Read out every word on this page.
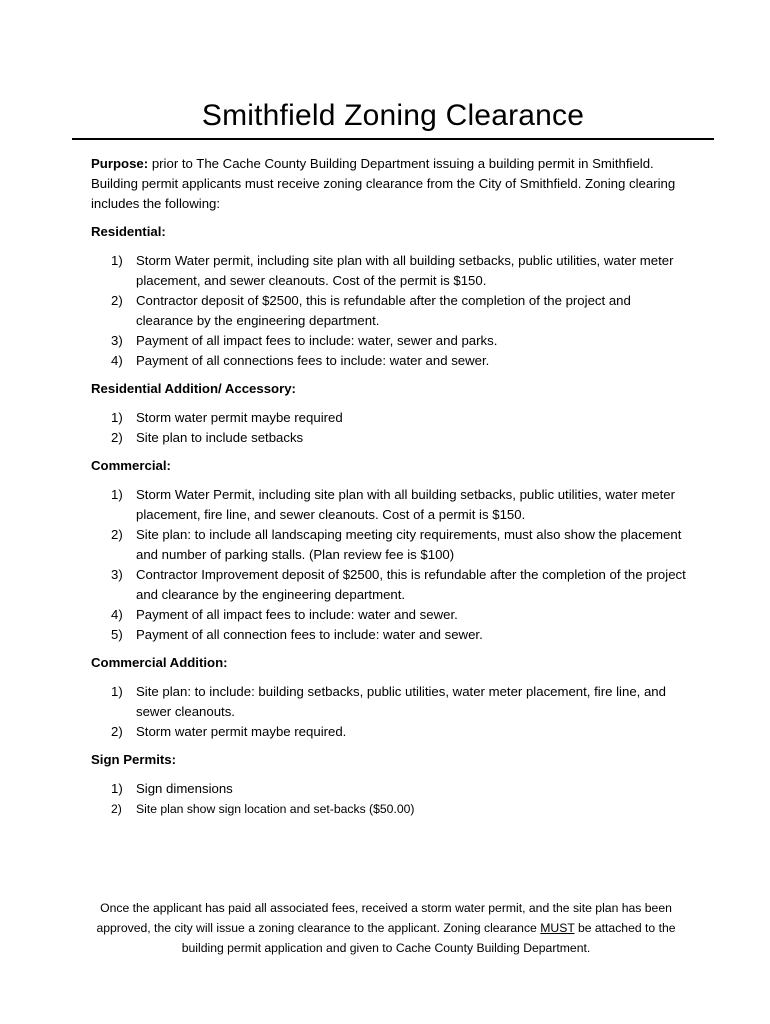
Smithfield Zoning Clearance

Purpose: prior to The Cache County Building Department issuing a building permit in Smithfield. Building permit applicants must receive zoning clearance from the City of Smithfield. Zoning clearing includes the following:

Residential:
1) Storm Water permit, including site plan with all building setbacks, public utilities, water meter placement, and sewer cleanouts. Cost of the permit is $150.
2) Contractor deposit of $2500, this is refundable after the completion of the project and clearance by the engineering department.
3) Payment of all impact fees to include: water, sewer and parks.
4) Payment of all connections fees to include: water and sewer.
Residential Addition/ Accessory:
1) Storm water permit maybe required
2) Site plan to include setbacks
Commercial:
1) Storm Water Permit, including site plan with all building setbacks, public utilities, water meter placement, fire line, and sewer cleanouts. Cost of a permit is $150.
2) Site plan: to include all landscaping meeting city requirements, must also show the placement and number of parking stalls. (Plan review fee is $100)
3) Contractor Improvement deposit of $2500, this is refundable after the completion of the project and clearance by the engineering department.
4) Payment of all impact fees to include: water and sewer.
5) Payment of all connection fees to include: water and sewer.
Commercial Addition:
1) Site plan: to include: building setbacks, public utilities, water meter placement, fire line, and sewer cleanouts.
2) Storm water permit maybe required.
Sign Permits:
1) Sign dimensions
2) Site plan show sign location and set-backs ($50.00)

Once the applicant has paid all associated fees, received a storm water permit, and the site plan has been approved, the city will issue a zoning clearance to the applicant. Zoning clearance MUST be attached to the building permit application and given to Cache County Building Department.
